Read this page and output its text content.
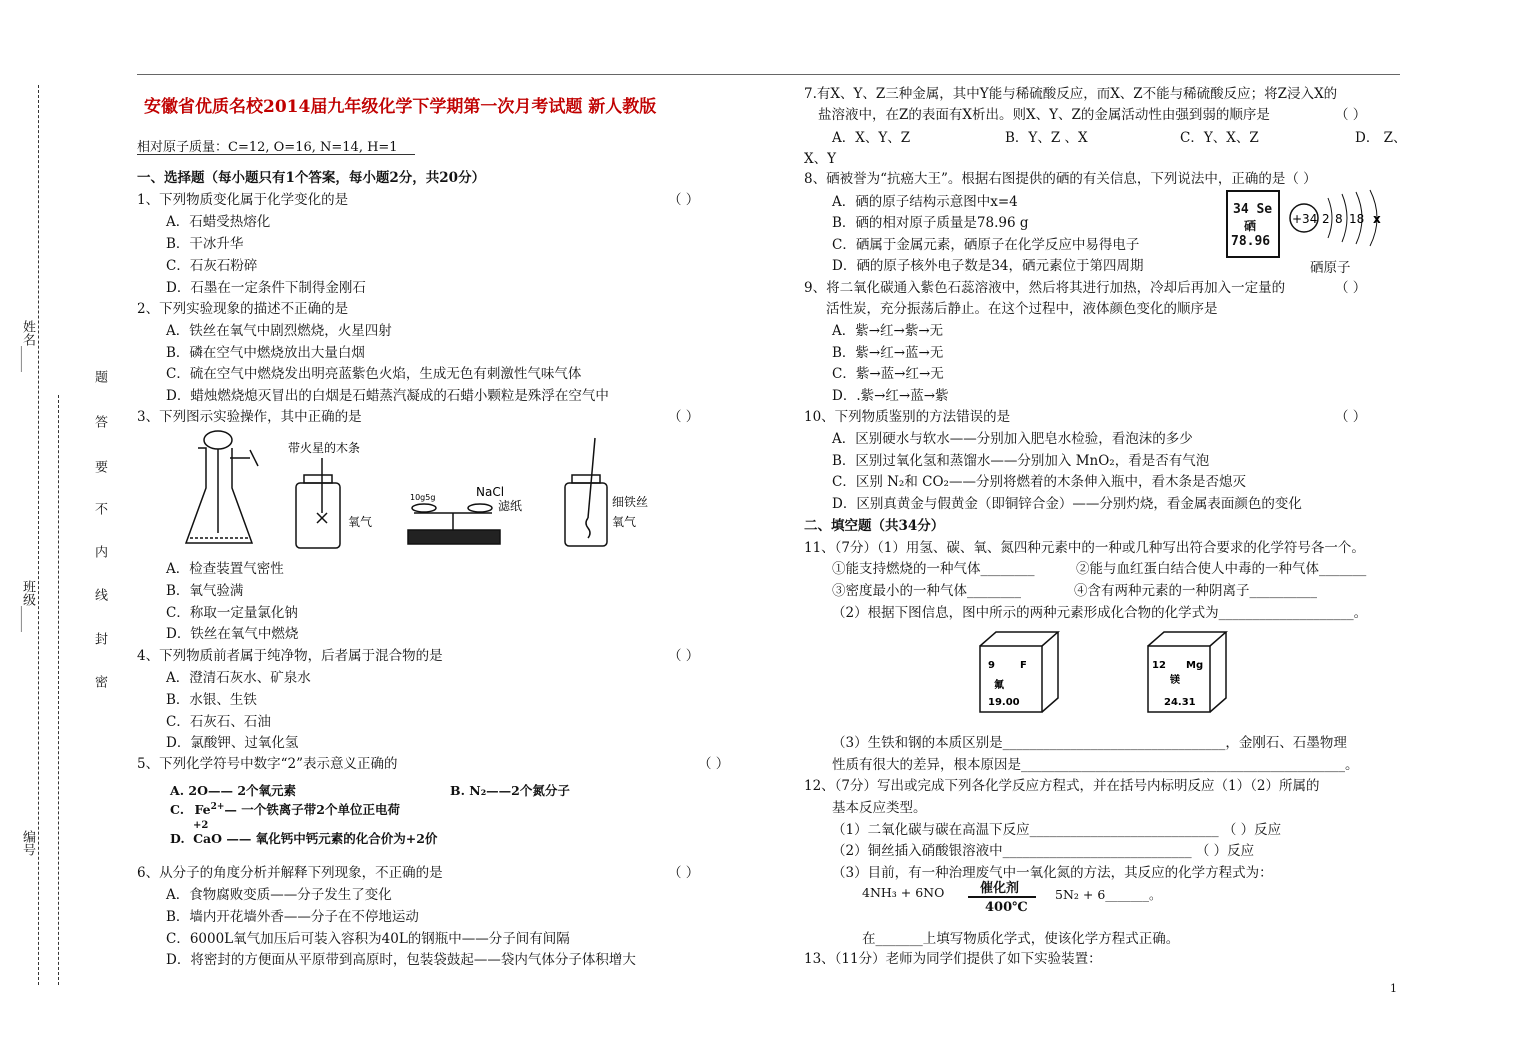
姓名____
班级____
编号
题
答
要
不
内
线
封
密
安徽省优质名校2014届九年级化学下学期第一次月考试题 新人教版
相对原子质量：C=12, O=16, N=14, H=1
一、选择题（每小题只有1个答案，每小题2分，共20分）
1、下列物质变化属于化学变化的是	（ ）
A．石蜡受热熔化
B．干冰升华
C．石灰石粉碎
D．石墨在一定条件下制得金刚石
2、下列实验现象的描述不正确的是
A．铁丝在氧气中剧烈燃烧，火星四射
B．磷在空气中燃烧放出大量白烟
C．硫在空气中燃烧发出明亮蓝紫色火焰，生成无色有刺激性气味气体
D．蜡烛燃烧熄灭冒出的白烟是石蜡蒸汽凝成的石蜡小颗粒是殊浮在空气中
3、下列图示实验操作，其中正确的是	（ ）
带火星的木条
氧气
10g5g	NaCl
滤纸	细铁丝
氧气
A．检查装置气密性
B．氧气验满
C．称取一定量氯化钠
D．铁丝在氧气中燃烧
4、下列物质前者属于纯净物，后者属于混合物的是	（ ）
A．澄清石灰水、矿泉水
B．水银、生铁
C．石灰石、石油
D．氯酸钾、过氧化氢
5、下列化学符号中数字“2”表示意义正确的	（ ）
A. 2O—— 2个氧元素	B. N₂——2个氮分子
C. $Fe^{2+}—$ 一个铁离子带2个单位正电荷
+2
D. CaO —— 氧化钙中钙元素的化合价为+2价
6、从分子的角度分析并解释下列现象，不正确的是	（ ）
A．食物腐败变质——分子发生了变化
B．墙内开花墙外香——分子在不停地运动
C．6000L氧气加压后可装入容积为40L的钢瓶中——分子间有间隔
D．将密封的方便面从平原带到高原时，包装袋鼓起——袋内气体分子体积增大
7.有X、Y、Z三种金属，其中Y能与稀硫酸反应，而X、Z不能与稀硫酸反应；将Z浸入X的
盐溶液中，在Z的表面有X析出。则X、Y、Z的金属活动性由强到弱的顺序是	（ ）
A．X、Y、Z	B．Y、Z 、X	C．Y、X、Z	D． Z、
X、Y
8、硒被誉为“抗癌大王”。根据右图提供的硒的有关信息，下列说法中，正确的是（ ）
A．硒的原子结构示意图中x=4
B．硒的相对原子质量是78.96 g
C．硒属于金属元素，硒原子在化学反应中易得电子
D．硒的原子核外电子数是34，硒元素位于第四周期
34 Se
硒
78.96
+34 2 8 18 x
硒原子
9、将二氧化碳通入紫色石蕊溶液中，然后将其进行加热，冷却后再加入一定量的	（ ）
活性炭，充分振荡后静止。在这个过程中，液体颜色变化的顺序是
A．紫→红→紫→无
B．紫→红→蓝→无
C．紫→蓝→红→无
D．.紫→红→蓝→紫
10、下列物质鉴别的方法错误的是	（ ）
A．区别硬水与软水——分别加入肥皂水检验，看泡沫的多少
B．区别过氧化氢和蒸馏水——分别加入 MnO₂，看是否有气泡
C．区别 N₂和 CO₂——分别将燃着的木条伸入瓶中，看木条是否熄灭
D．区别真黄金与假黄金（即铜锌合金）——分别灼烧，看金属表面颜色的变化
二、填空题（共34分）
11、（7分）（1）用氢、碳、氧、氮四种元素中的一种或几种写出符合要求的化学符号各一个。
①能支持燃烧的一种气体________	②能与血红蛋白结合使人中毒的一种气体_______
③密度最小的一种气体________	④含有两种元素的一种阴离子__________
（2）根据下图信息，图中所示的两种元素形成化合物的化学式为____________________。
9	F
氟
19.00
12 Mg
镁
24.31
（3）生铁和钢的本质区别是_________________________________，金刚石、石墨物理
性质有很大的差异，根本原因是________________________________________________。
12、（7分）写出或完成下列各化学反应方程式，并在括号内标明反应（1）（2）所属的
基本反应类型。
（1）二氧化碳与碳在高温下反应____________________________ （ ）反应
（2）铜丝插入硝酸银溶液中____________________________ （ ）反应
（3）目前，有一种治理废气中一氧化氮的方法，其反应的化学方程式为：
4NH₃ + 6NO	催化剂
400℃
5N₂ + 6_______。
在_______上填写物质化学式，使该化学方程式正确。
13、（11分）老师为同学们提供了如下实验装置：
1
